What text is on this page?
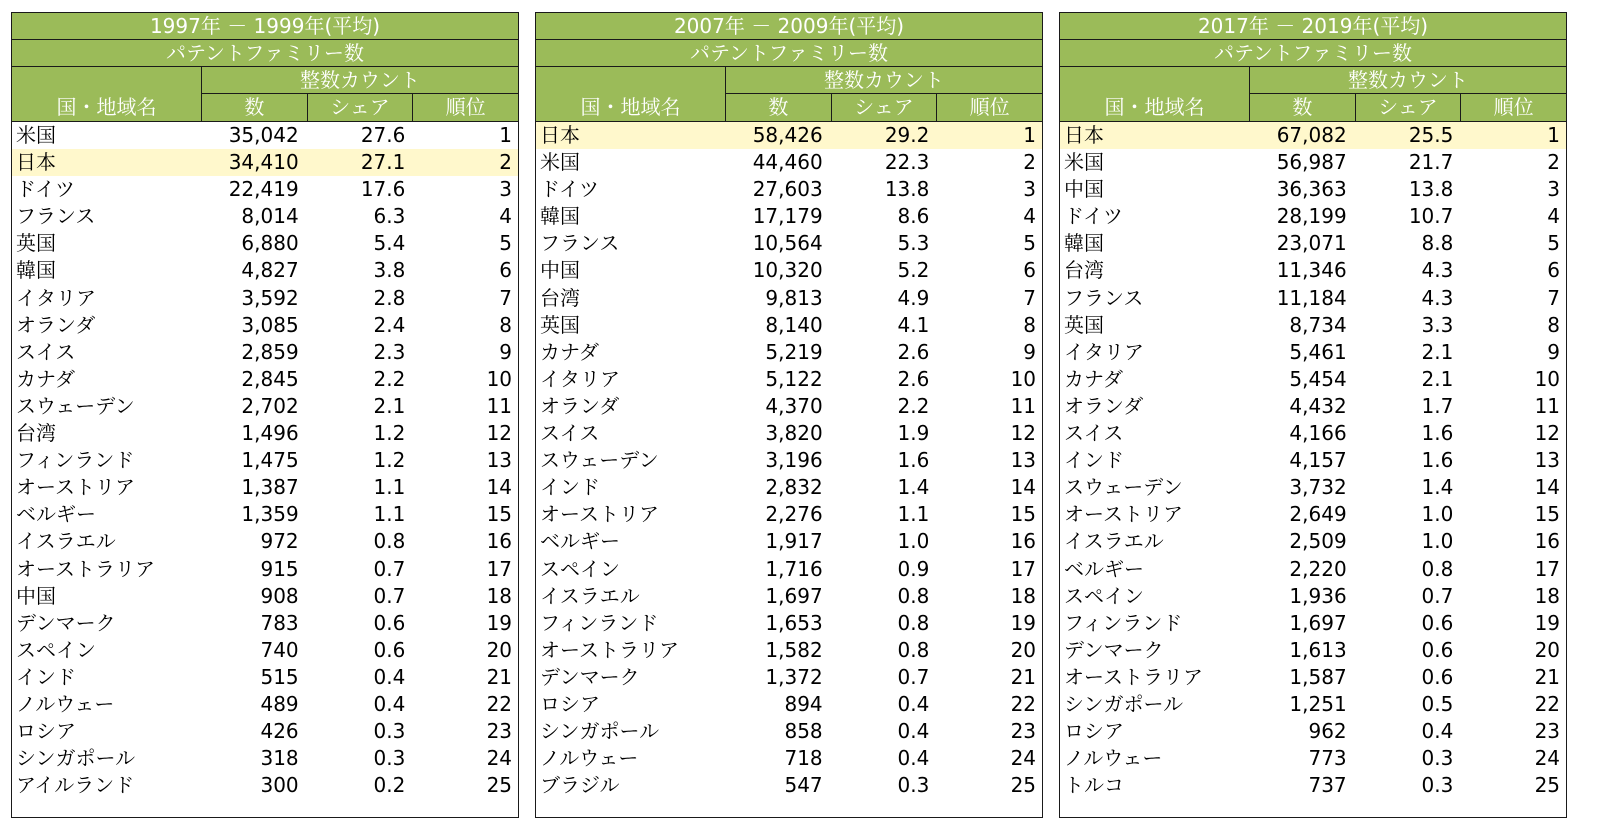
1997年 － 1999年(平均)
パテントファミリー数
国・地域名
整数カウント
数	シェア	順位
米国	35,042	27.6	1
日本	34,410	27.1	2
ドイツ	22,419	17.6	3
フランス	8,014	6.3	4
英国	6,880	5.4	5
韓国	4,827	3.8	6
イタリア	3,592	2.8	7
オランダ	3,085	2.4	8
スイス	2,859	2.3	9
カナダ	2,845	2.2	10
スウェーデン	2,702	2.1	11
台湾	1,496	1.2	12
フィンランド	1,475	1.2	13
オーストリア	1,387	1.1	14
ベルギー	1,359	1.1	15
イスラエル	972	0.8	16
オーストラリア	915	0.7	17
中国	908	0.7	18
デンマーク	783	0.6	19
スペイン	740	0.6	20
インド	515	0.4	21
ノルウェー	489	0.4	22
ロシア	426	0.3	23
シンガポール	318	0.3	24
アイルランド	300	0.2	25
2007年 － 2009年(平均)
パテントファミリー数
国・地域名
整数カウント
数	シェア	順位
日本	58,426	29.2	1
米国	44,460	22.3	2
ドイツ	27,603	13.8	3
韓国	17,179	8.6	4
フランス	10,564	5.3	5
中国	10,320	5.2	6
台湾	9,813	4.9	7
英国	8,140	4.1	8
カナダ	5,219	2.6	9
イタリア	5,122	2.6	10
オランダ	4,370	2.2	11
スイス	3,820	1.9	12
スウェーデン	3,196	1.6	13
インド	2,832	1.4	14
オーストリア	2,276	1.1	15
ベルギー	1,917	1.0	16
スペイン	1,716	0.9	17
イスラエル	1,697	0.8	18
フィンランド	1,653	0.8	19
オーストラリア	1,582	0.8	20
デンマーク	1,372	0.7	21
ロシア	894	0.4	22
シンガポール	858	0.4	23
ノルウェー	718	0.4	24
ブラジル	547	0.3	25
2017年 － 2019年(平均)
パテントファミリー数
国・地域名
整数カウント
数	シェア	順位
日本	67,082	25.5	1
米国	56,987	21.7	2
中国	36,363	13.8	3
ドイツ	28,199	10.7	4
韓国	23,071	8.8	5
台湾	11,346	4.3	6
フランス	11,184	4.3	7
英国	8,734	3.3	8
イタリア	5,461	2.1	9
カナダ	5,454	2.1	10
オランダ	4,432	1.7	11
スイス	4,166	1.6	12
インド	4,157	1.6	13
スウェーデン	3,732	1.4	14
オーストリア	2,649	1.0	15
イスラエル	2,509	1.0	16
ベルギー	2,220	0.8	17
スペイン	1,936	0.7	18
フィンランド	1,697	0.6	19
デンマーク	1,613	0.6	20
オーストラリア	1,587	0.6	21
シンガポール	1,251	0.5	22
ロシア	962	0.4	23
ノルウェー	773	0.3	24
トルコ	737	0.3	25
